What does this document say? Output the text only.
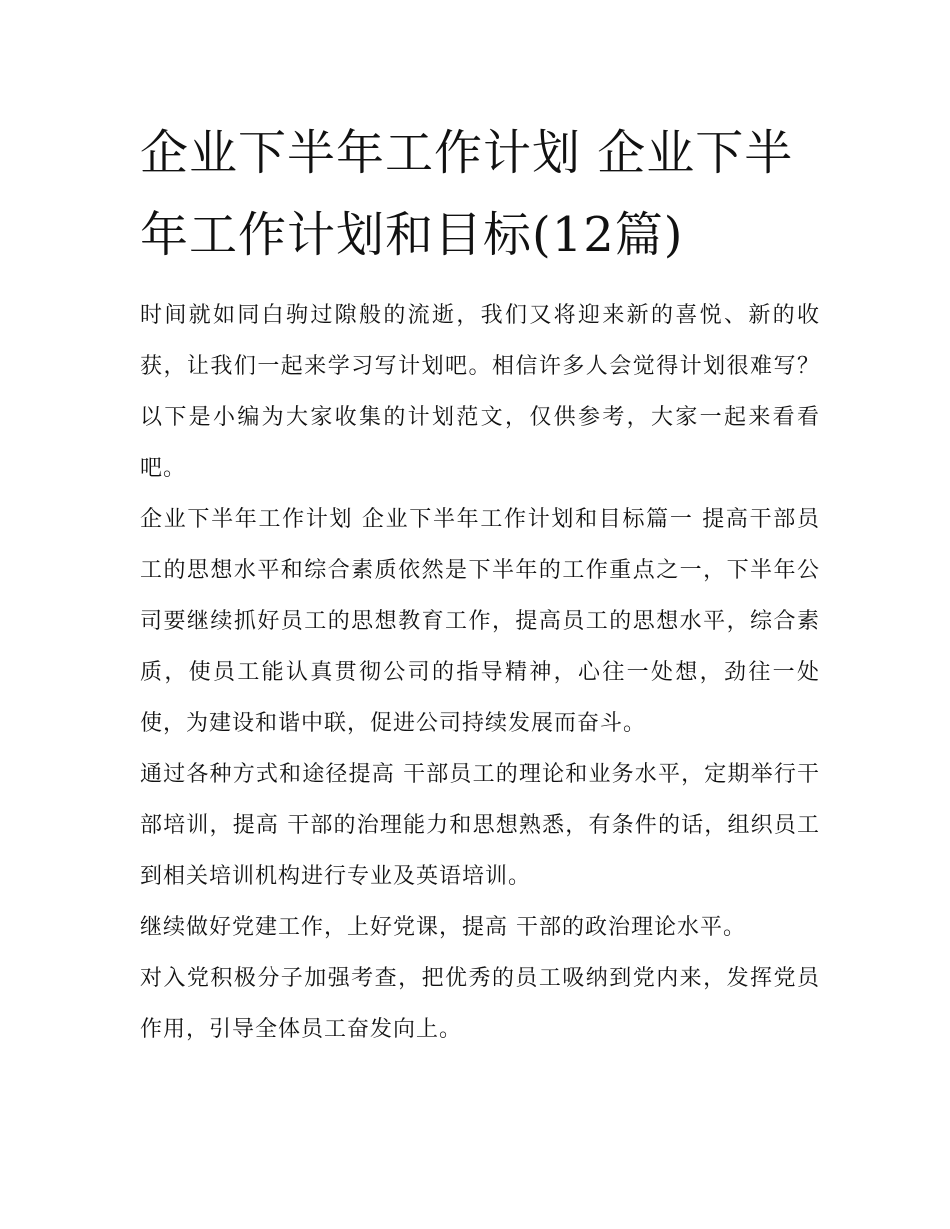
企业下半年工作计划 企业下半年工作计划和目标(12篇)

时间就如同白驹过隙般的流逝，我们又将迎来新的喜悦、新的收获，让我们一起来学习写计划吧。相信许多人会觉得计划很难写？以下是小编为大家收集的计划范文，仅供参考，大家一起来看看吧。

企业下半年工作计划 企业下半年工作计划和目标篇一 提高干部员工的思想水平和综合素质依然是下半年的工作重点之一，下半年公司要继续抓好员工的思想教育工作，提高员工的思想水平，综合素质，使员工能认真贯彻公司的指导精神，心往一处想，劲往一处使，为建设和谐中联，促进公司持续发展而奋斗。

通过各种方式和途径提高 干部员工的理论和业务水平，定期举行干部培训，提高 干部的治理能力和思想熟悉，有条件的话，组织员工到相关培训机构进行专业及英语培训。

继续做好党建工作，上好党课，提高 干部的政治理论水平。

对入党积极分子加强考查，把优秀的员工吸纳到党内来，发挥党员作用，引导全体员工奋发向上。
